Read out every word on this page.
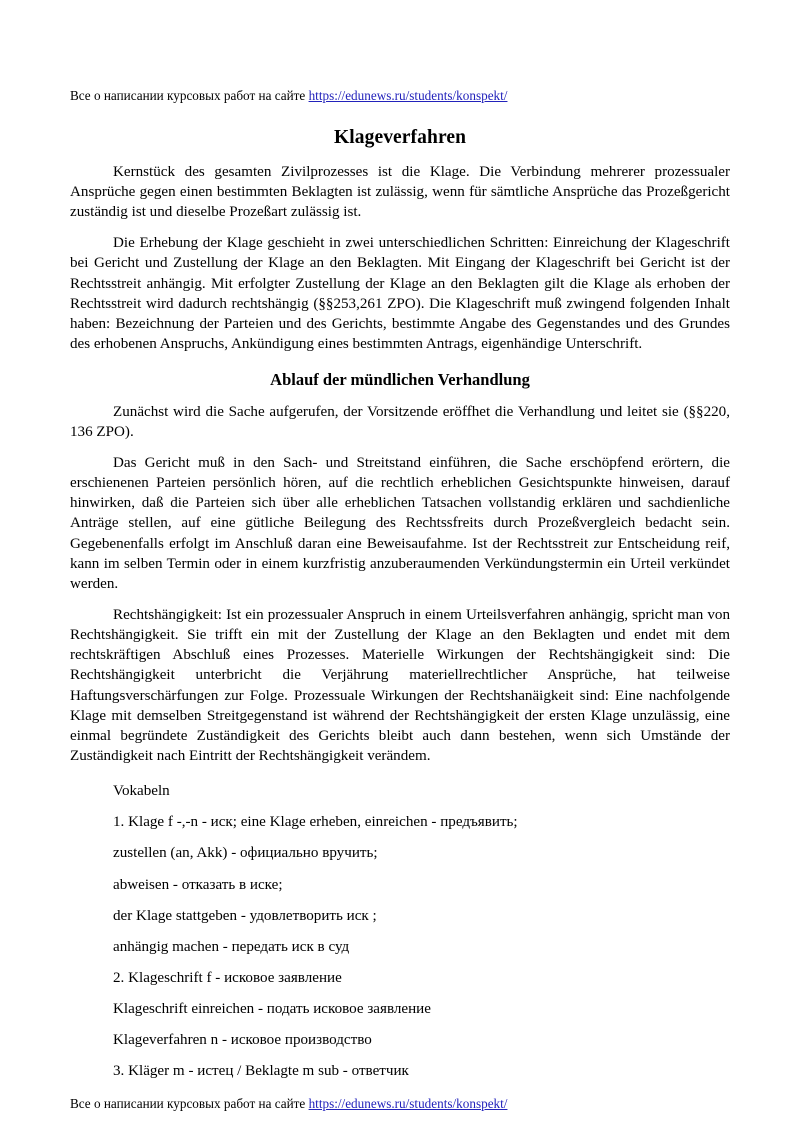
Все о написании курсовых работ на сайте https://edunews.ru/students/konspekt/
Klageverfahren

Kernstück des gesamten Zivilprozesses ist die Klage. Die Verbindung mehrerer prozessualer Ansprüche gegen einen bestimmten Beklagten ist zulässig, wenn für sämtliche Ansprüche das Prozeßgericht zuständig ist und dieselbe Prozeßart zulässig ist.

Die Erhebung der Klage geschieht in zwei unterschiedlichen Schritten: Einreichung der Klageschrift bei Gericht und Zustellung der Klage an den Beklagten. Mit Eingang der Klageschrift bei Gericht ist der Rechtsstreit anhängig. Mit erfolgter Zustellung der Klage an den Beklagten gilt die Klage als erhoben der Rechtsstreit wird dadurch rechtshängig (§§253,261 ZPO). Die Klageschrift muß zwingend folgenden Inhalt haben: Bezeichnung der Parteien und des Gerichts, bestimmte Angabe des Gegenstandes und des Grundes des erhobenen Anspruchs, Ankündigung eines bestimmten Antrags, eigenhändige Unterschrift.

Ablauf der mündlichen Verhandlung

Zunächst wird die Sache aufgerufen, der Vorsitzende eröffhet die Verhandlung und leitet sie (§§220, 136 ZPO).

Das Gericht muß in den Sach- und Streitstand einführen, die Sache erschöpfend erörtern, die erschienenen Parteien persönlich hören, auf die rechtlich erheblichen Gesichtspunkte hinweisen, darauf hinwirken, daß die Parteien sich über alle erheblichen Tatsachen vollstandig erklären und sachdienliche Anträge stellen, auf eine gütliche Beilegung des Rechtssfreits durch Prozeßvergleich bedacht sein. Gegebenenfalls erfolgt im Anschluß daran eine Beweisaufahme. Ist der Rechtsstreit zur Entscheidung reif, kann im selben Termin oder in einem kurzfristig anzuberaumenden Verkündungstermin ein Urteil verkündet werden.

Rechtshängigkeit: Ist ein prozessualer Anspruch in einem Urteilsverfahren anhängig, spricht man von Rechtshängigkeit. Sie trifft ein mit der Zustellung der Klage an den Beklagten und endet mit dem rechtskräftigen Abschluß eines Prozesses. Materielle Wirkungen der Rechtshängigkeit sind: Die Rechtshängigkeit unterbricht die Verjährung materiellrechtlicher Ansprüche, hat teilweise Haftungsverschärfungen zur Folge. Prozessuale Wirkungen der Rechtshanäigkeit sind: Eine nachfolgende Klage mit demselben Streitgegenstand ist während der Rechtshängigkeit der ersten Klage unzulässig, eine einmal begründete Zuständigkeit des Gerichts bleibt auch dann bestehen, wenn sich Umstände der Zuständigkeit nach Eintritt der Rechtshängigkeit verändem.

Vokabeln
1. Klage f -,-n - иск; eine Klage erheben, einreichen - предъявить;
zustellen (an, Akk) - официально вручить;
abweisen - отказать в иске;
der Klage stattgeben - удовлетворить иск ;
anhängig machen - передать иск в суд
2. Klageschrift f - исковое заявление
Klageschrift einreichen - подать исковое заявление
Klageverfahren n - исковое производство
3. Kläger m - истец / Beklagte m sub - ответчик
Все о написании курсовых работ на сайте https://edunews.ru/students/konspekt/
